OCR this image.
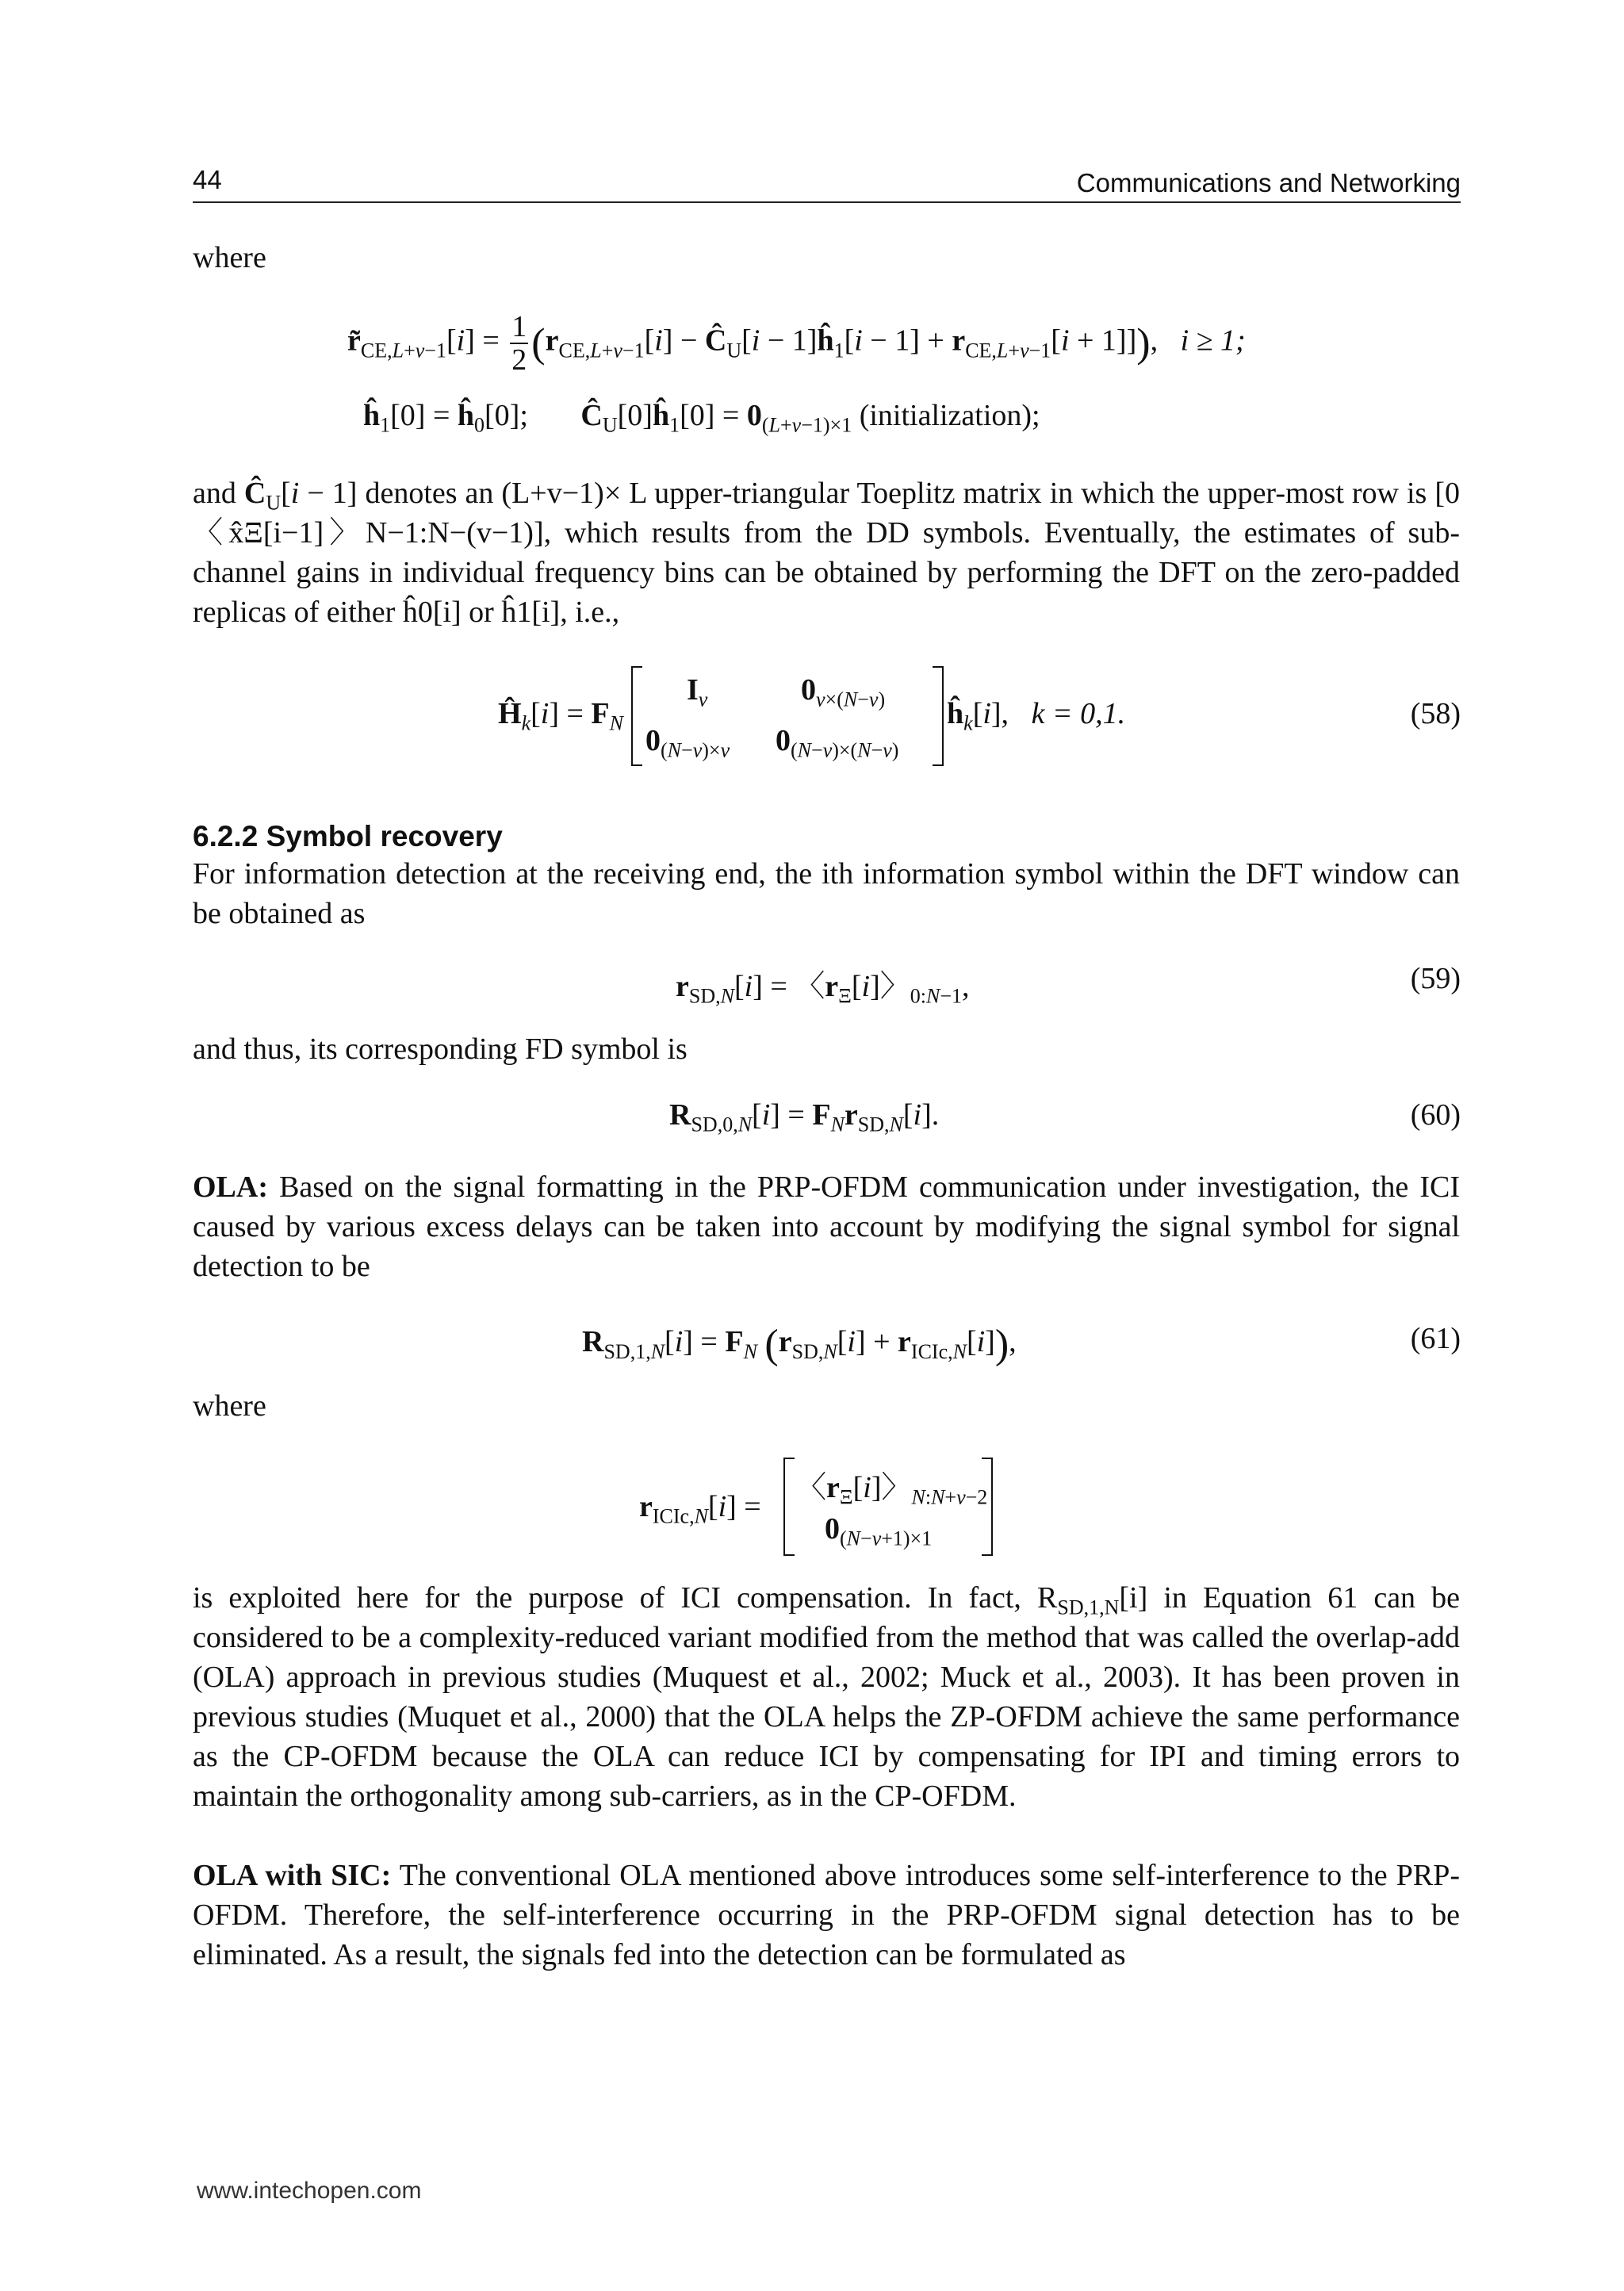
44	Communications and Networking
where
$r̃_{CE,L+v-1}[i] = \frac{1}{2} (r_{CE,L+v-1}[i]$ − $Ĉ_U[i$ − $1]ĥ_1[i - 1] + r_{CE,L+v-1}[i + 1]$]),   i ≥ 1;
$ĥ_1[0]$ = $ĥ_0[0]$;       $Ĉ_U[0]ĥ_1[0] = 0_{(L+v-1)\times 1}$ (initialization);
and $Ĉ_U[i - 1]$ denotes an (L+v−1)× L upper-triangular Toeplitz matrix in which the upper-most row is [0 〈x̂Ξ[i−1]〉N−1:N−(v−1)], which results from the DD symbols. Eventually, the estimates of sub-channel gains in individual frequency bins can be obtained by performing the DFT on the zero-padded replicas of either ĥ0[i] or ĥ1[i], i.e.,
$Ĥ_k[i] = F_N$
$I_v$	$0_{v\times(N-v)}$
$0_{(N-v)\times v}$ $0_{(N-v)\times(N-v)}$
$ĥ_k[i]$,   k = 0,1.	(58)
6.2.2 Symbol recovery
For information detection at the receiving end, the ith information symbol within the DFT window can be obtained as
$r_{SD,N}[i]$ = 〈$r_\Xi[i]$〉$_{0:N-1}$,	(59)
and thus, its corresponding FD symbol is
$R_{SD,0,N}[i] = F_Nr_{SD,N}[i]$.	(60)
OLA: Based on the signal formatting in the PRP-OFDM communication under investigation, the ICI caused by various excess delays can be taken into account by modifying the signal symbol for signal detection to be
$R_{SD,1,N}[i] = F_N$ $(r_{SD,N}[i] + r_{ICIc,N}[i])$,	(61)
where
$r_{ICIc,N}[i]$ =
〈$r_\Xi[i]$〉$_{N:N+v-2}$
$0_{(N-v+1)\times 1}$
is exploited here for the purpose of ICI compensation. In fact, $R_{SD,1,N}[i]$ in Equation 61 can be considered to be a complexity-reduced variant modified from the method that was called the overlap-add (OLA) approach in previous studies (Muquest et al., 2002; Muck et al., 2003). It has been proven in previous studies (Muquet et al., 2000) that the OLA helps the ZP-OFDM achieve the same performance as the CP-OFDM because the OLA can reduce ICI by compensating for IPI and timing errors to maintain the orthogonality among sub-carriers, as in the CP-OFDM.
OLA with SIC: The conventional OLA mentioned above introduces some self-interference to the PRP-OFDM. Therefore, the self-interference occurring in the PRP-OFDM signal detection has to be eliminated. As a result, the signals fed into the detection can be formulated as
www.intechopen.com
